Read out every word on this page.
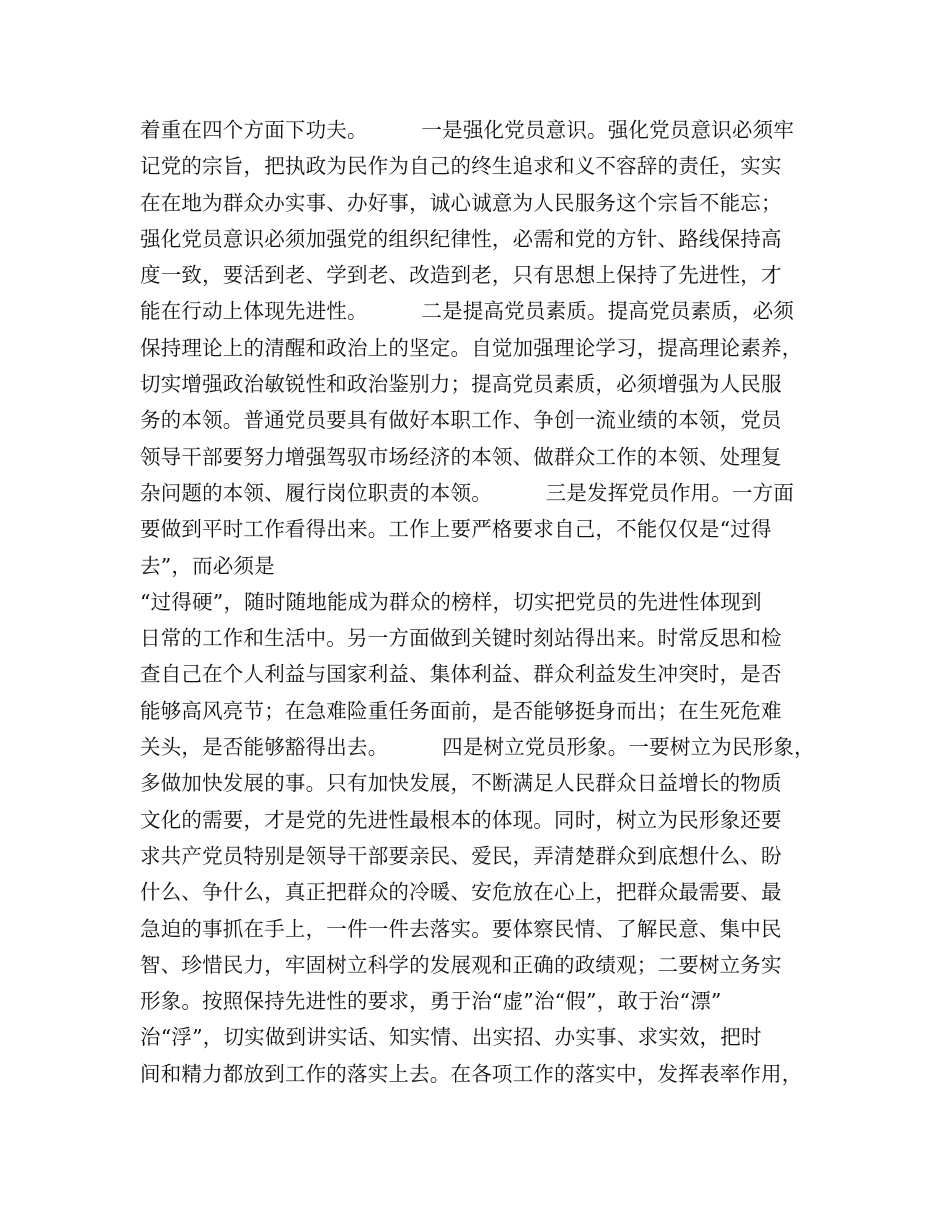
着重在四个方面下功夫。        一是强化党员意识。强化党员意识必须牢
记党的宗旨，把执政为民作为自己的终生追求和义不容辞的责任，实实
在在地为群众办实事、办好事，诚心诚意为人民服务这个宗旨不能忘；
强化党员意识必须加强党的组织纪律性，必需和党的方针、路线保持高
度一致，要活到老、学到老、改造到老，只有思想上保持了先进性，才
能在行动上体现先进性。        二是提高党员素质。提高党员素质，必须
保持理论上的清醒和政治上的坚定。自觉加强理论学习，提高理论素养，
切实增强政治敏锐性和政治鉴别力；提高党员素质，必须增强为人民服
务的本领。普通党员要具有做好本职工作、争创一流业绩的本领，党员
领导干部要努力增强驾驭市场经济的本领、做群众工作的本领、处理复
杂问题的本领、履行岗位职责的本领。        三是发挥党员作用。一方面
要做到平时工作看得出来。工作上要严格要求自己，不能仅仅是“过得
去”，而必须是
“过得硬”，随时随地能成为群众的榜样，切实把党员的先进性体现到
日常的工作和生活中。另一方面做到关键时刻站得出来。时常反思和检
查自己在个人利益与国家利益、集体利益、群众利益发生冲突时，是否
能够高风亮节；在急难险重任务面前，是否能够挺身而出；在生死危难
关头，是否能够豁得出去。        四是树立党员形象。一要树立为民形象，
多做加快发展的事。只有加快发展，不断满足人民群众日益增长的物质
文化的需要，才是党的先进性最根本的体现。同时，树立为民形象还要
求共产党员特别是领导干部要亲民、爱民，弄清楚群众到底想什么、盼
什么、争什么，真正把群众的冷暖、安危放在心上，把群众最需要、最
急迫的事抓在手上，一件一件去落实。要体察民情、了解民意、集中民
智、珍惜民力，牢固树立科学的发展观和正确的政绩观；二要树立务实
形象。按照保持先进性的要求，勇于治“虚”治“假”，敢于治“漂”
治“浮”，切实做到讲实话、知实情、出实招、办实事、求实效，把时
间和精力都放到工作的落实上去。在各项工作的落实中，发挥表率作用，
